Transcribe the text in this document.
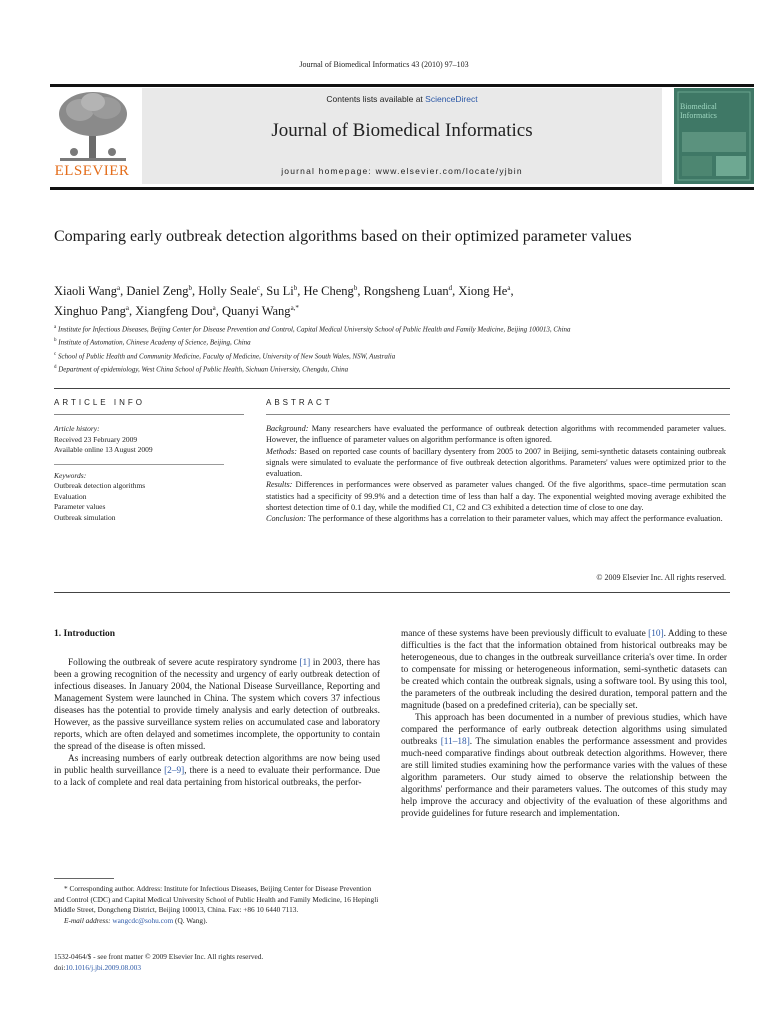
Journal of Biomedical Informatics 43 (2010) 97–103
ELSEVIER
Contents lists available at ScienceDirect
Journal of Biomedical Informatics
journal homepage: www.elsevier.com/locate/yjbin
Biomedical Informatics
Comparing early outbreak detection algorithms based on their optimized parameter values
Xiaoli Wang$^a$, Daniel Zeng$^b$, Holly Seale$^c$, Su Li$^b$, He Cheng$^b$, Rongsheng Luan$^d$, Xiong He$^a$,
Xinghuo Pang$^a$, Xiangfeng Dou$^a$, Quanyi Wang$^{a,*}$
$^a$ Institute for Infectious Diseases, Beijing Center for Disease Prevention and Control, Capital Medical University School of Public Health and Family Medicine, Beijing 100013, China
$^b$ Institute of Automation, Chinese Academy of Science, Beijing, China
$^c$ School of Public Health and Community Medicine, Faculty of Medicine, University of New South Wales, NSW, Australia
$^d$ Department of epidemiology, West China School of Public Health, Sichuan University, Chengdu, China
ARTICLE INFO	ABSTRACT
Article history:
Received 23 February 2009
Available online 13 August 2009
Keywords:
Outbreak detection algorithms
Evaluation
Parameter values
Outbreak simulation
Background: Many researchers have evaluated the performance of outbreak detection algorithms with recommended parameter values. However, the influence of parameter values on algorithm performance is often ignored.
Methods: Based on reported case counts of bacillary dysentery from 2005 to 2007 in Beijing, semi-synthetic datasets containing outbreak signals were simulated to evaluate the performance of five outbreak detection algorithms. Parameters' values were optimized prior to the evaluation.
Results: Differences in performances were observed as parameter values changed. Of the five algorithms, space–time permutation scan statistics had a specificity of 99.9% and a detection time of less than half a day. The exponential weighted moving average exhibited the shortest detection time of 0.1 day, while the modified C1, C2 and C3 exhibited a detection time of close to one day.
Conclusion: The performance of these algorithms has a correlation to their parameter values, which may affect the performance evaluation.
© 2009 Elsevier Inc. All rights reserved.
1. Introduction

Following the outbreak of severe acute respiratory syndrome [1] in 2003, there has been a growing recognition of the necessity and urgency of early outbreak detection of infectious diseases. In January 2004, the National Disease Surveillance, Reporting and Management System were launched in China. The system which covers 37 infectious diseases has the potential to provide timely analysis and early detection of outbreaks. However, as the passive surveillance system relies on accumulated case and laboratory reports, which are often delayed and sometimes incomplete, the opportunity to contain the spread of the disease is often missed.

As increasing numbers of early outbreak detection algorithms are now being used in public health surveillance [2–9], there is a need to evaluate their performance. Due to a lack of complete and real data pertaining from historical outbreaks, the perfor-

mance of these systems have been previously difficult to evaluate [10]. Adding to these difficulties is the fact that the information obtained from historical outbreaks may be heterogeneous, due to changes in the outbreak surveillance criteria's over time. In order to compensate for missing or heterogeneous information, semi-synthetic datasets can be created which contain the outbreak signals, using a software tool. By using this tool, the parameters of the outbreak including the desired duration, temporal pattern and the magnitude (based on a predefined criteria), can be specially set.

This approach has been documented in a number of previous studies, which have compared the performance of early outbreak detection algorithms using simulated outbreaks [11–18]. The simulation enables the performance assessment and provides much-need comparative findings about outbreak detection algorithms. However, there are still limited studies examining how the performance varies with the values of these algorithm parameters. Our study aimed to observe the relationship between the algorithms' performance and their parameters values. The outcomes of this study may help improve the accuracy and objectivity of the evaluation of these algorithms and provide guidelines for future research and implementation.

* Corresponding author. Address: Institute for Infectious Diseases, Beijing Center for Disease Prevention and Control (CDC) and Capital Medical University School of Public Health and Family Medicine, 16 Hepingli Middle Street, Dongcheng District, Beijing 100013, China. Fax: +86 10 6440 7113.
E-mail address: wangcdc@sohu.com (Q. Wang).
1532-0464/$ - see front matter © 2009 Elsevier Inc. All rights reserved.
doi:10.1016/j.jbi.2009.08.003
